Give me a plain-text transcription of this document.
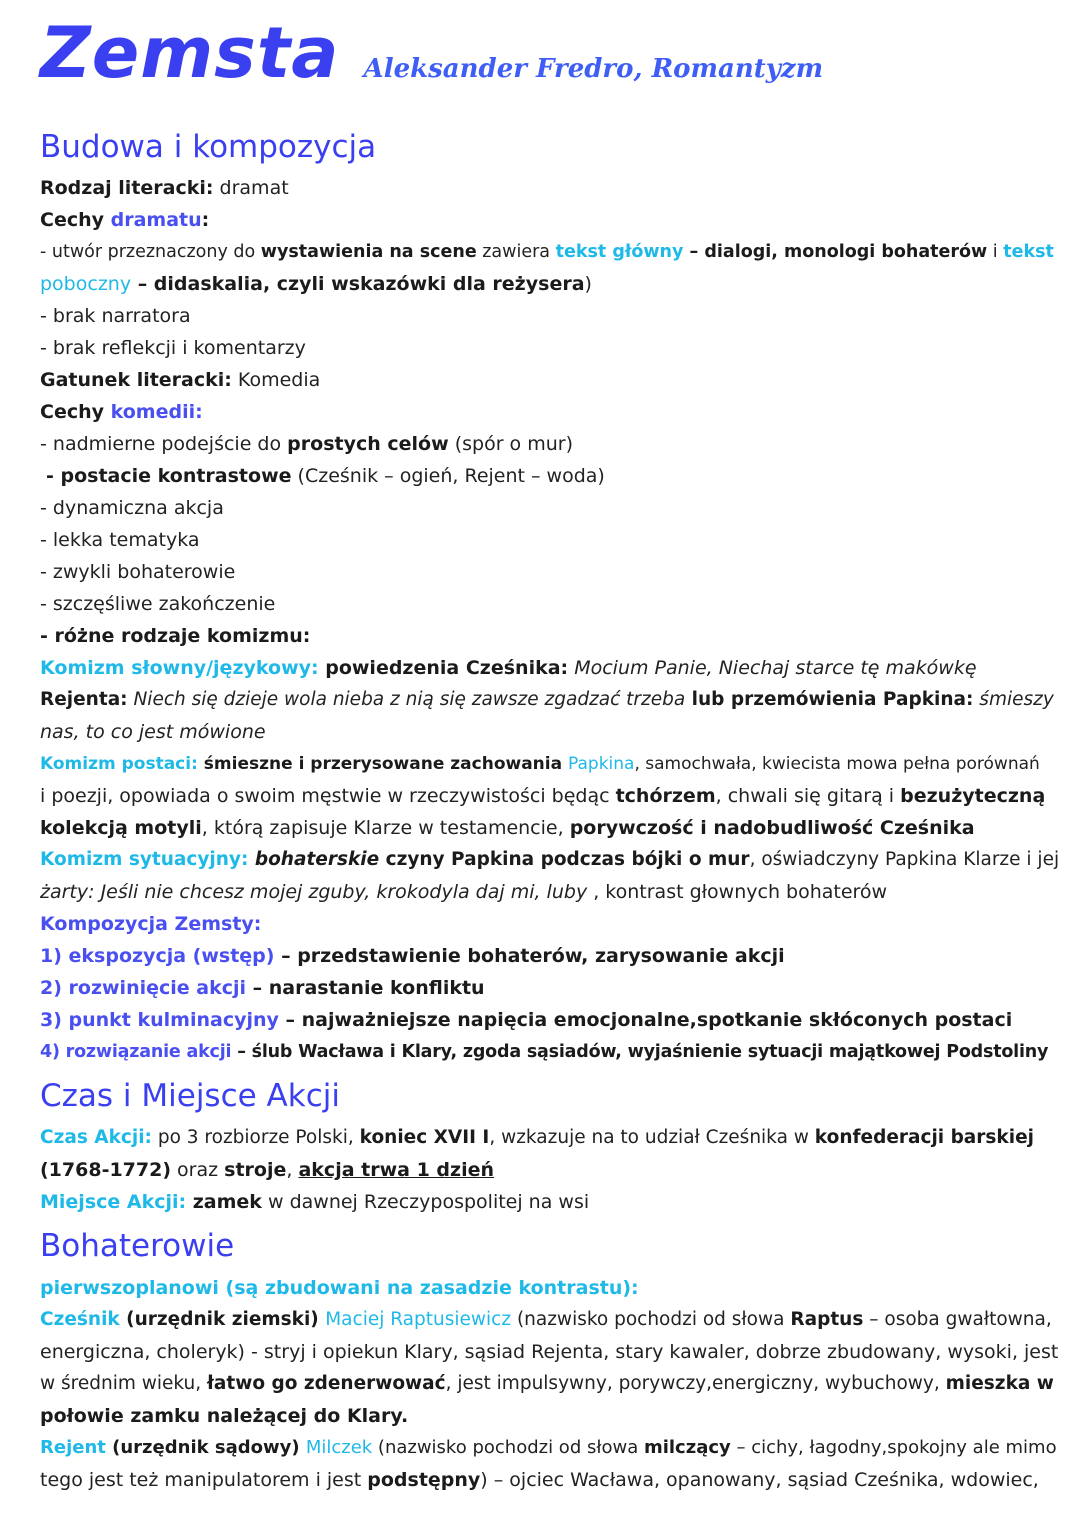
Zemsta Aleksander Fredro, Romantyzm
Budowa i kompozycja
Rodzaj literacki: dramat
Cechy dramatu:
- utwór przeznaczony do wystawienia na scene zawiera tekst główny – dialogi, monologi bohaterów i tekst
poboczny – didaskalia, czyli wskazówki dla reżysera)
- brak narratora
- brak reflekcji i komentarzy
Gatunek literacki: Komedia
Cechy komedii:
- nadmierne podejście do prostych celów (spór o mur)
- postacie kontrastowe (Cześnik – ogień, Rejent – woda)
- dynamiczna akcja
- lekka tematyka
- zwykli bohaterowie
- szczęśliwe zakończenie
- różne rodzaje komizmu:
Komizm słowny/językowy: powiedzenia Cześnika: Mocium Panie, Niechaj starce tę makówkę
Rejenta: Niech się dzieje wola nieba z nią się zawsze zgadzać trzeba lub przemówienia Papkina: śmieszy
nas, to co jest mówione
Komizm postaci: śmieszne i przerysowane zachowania Papkina, samochwała, kwiecista mowa pełna porównań
i poezji, opowiada o swoim męstwie w rzeczywistości będąc tchórzem, chwali się gitarą i bezużyteczną
kolekcją motyli, którą zapisuje Klarze w testamencie, porywczość i nadobudliwość Cześnika
Komizm sytuacyjny: bohaterskie czyny Papkina podczas bójki o mur, oświadczyny Papkina Klarze i jej
żarty: Jeśli nie chcesz mojej zguby, krokodyla daj mi, luby , kontrast głownych bohaterów
Kompozycja Zemsty:
1) ekspozycja (wstęp) – przedstawienie bohaterów, zarysowanie akcji
2) rozwinięcie akcji – narastanie konfliktu
3) punkt kulminacyjny – najważniejsze napięcia emocjonalne,spotkanie skłóconych postaci
4) rozwiązanie akcji – ślub Wacława i Klary, zgoda sąsiadów, wyjaśnienie sytuacji majątkowej Podstoliny
Czas i Miejsce Akcji
Czas Akcji: po 3 rozbiorze Polski, koniec XVII I, wzkazuje na to udział Cześnika w konfederacji barskiej
(1768-1772) oraz stroje, akcja trwa 1 dzień
Miejsce Akcji: zamek w dawnej Rzeczypospolitej na wsi
Bohaterowie
pierwszoplanowi (są zbudowani na zasadzie kontrastu):
Cześnik (urzędnik ziemski) Maciej Raptusiewicz (nazwisko pochodzi od słowa Raptus – osoba gwałtowna,
energiczna, choleryk) - stryj i opiekun Klary, sąsiad Rejenta, stary kawaler, dobrze zbudowany, wysoki, jest
w średnim wieku, łatwo go zdenerwować, jest impulsywny, porywczy,energiczny, wybuchowy, mieszka w
połowie zamku należącej do Klary.
Rejent (urzędnik sądowy) Milczek (nazwisko pochodzi od słowa milczący – cichy, łagodny,spokojny ale mimo
tego jest też manipulatorem i jest podstępny) – ojciec Wacława, opanowany, sąsiad Cześnika, wdowiec,
